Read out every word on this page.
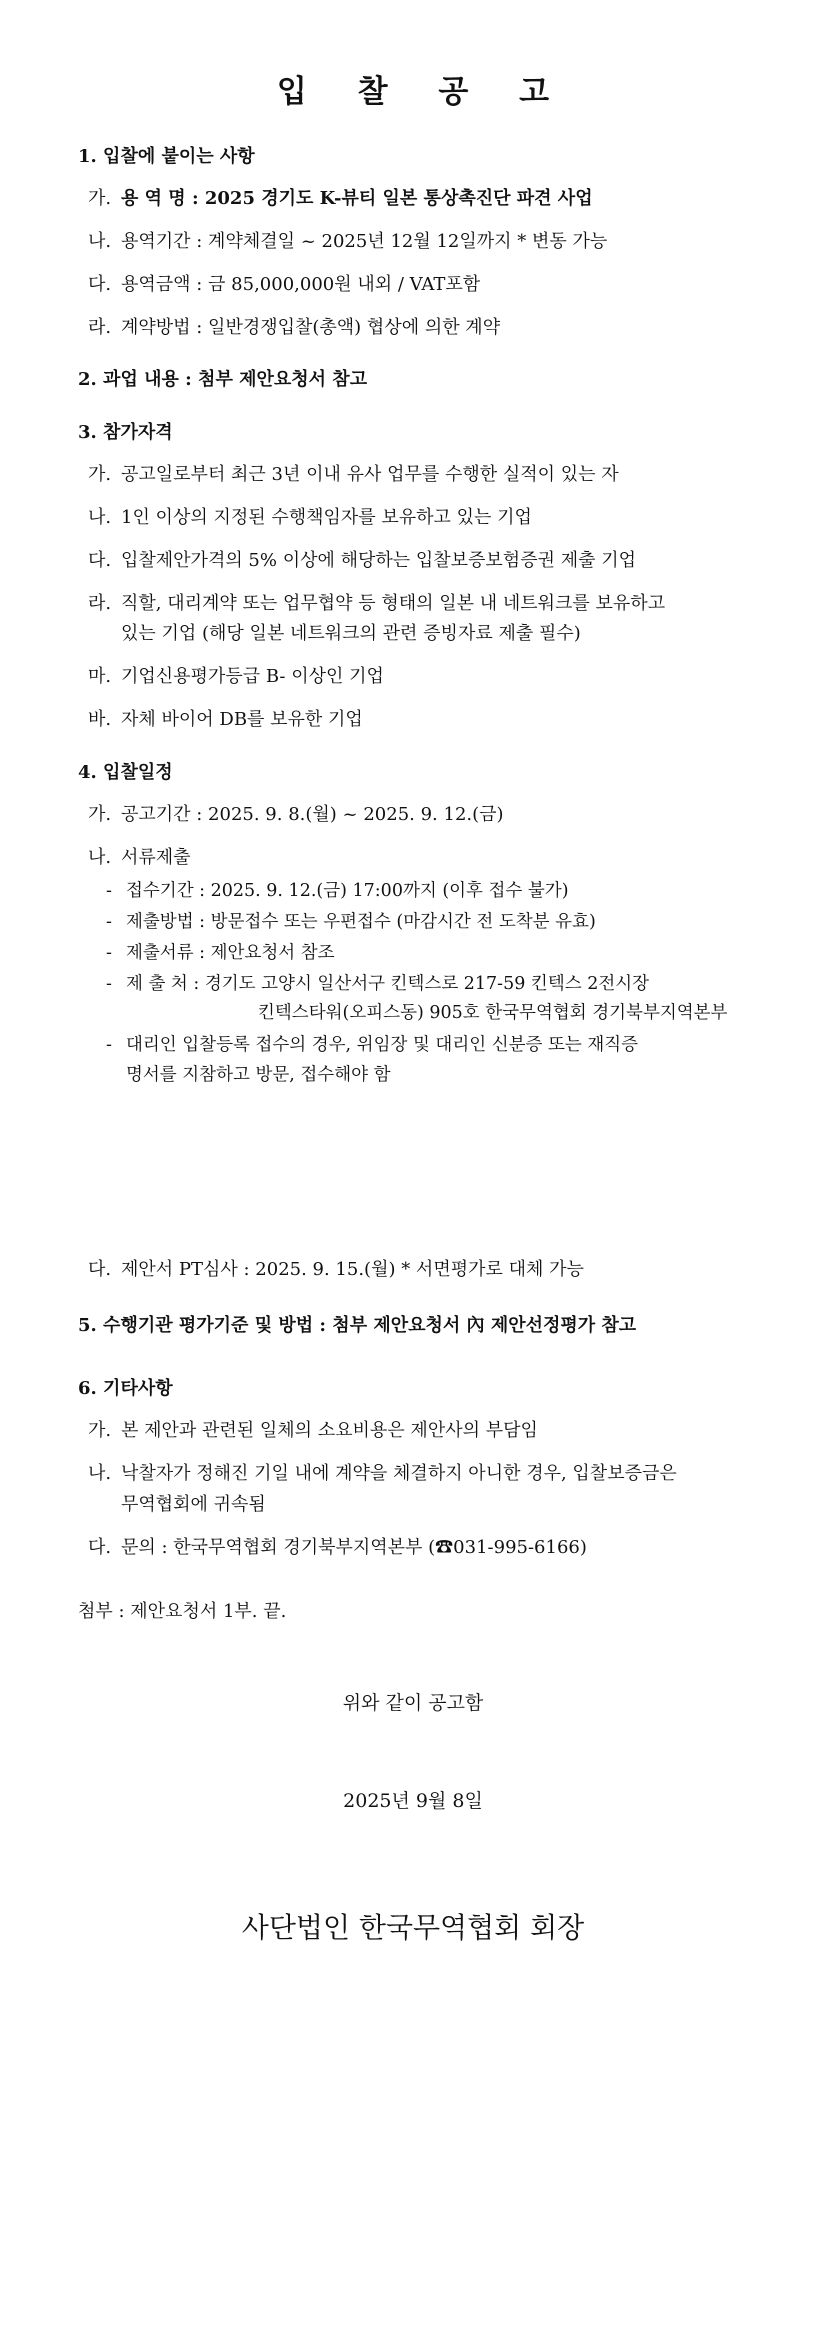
입 찰 공 고
1. 입찰에 붙이는 사항
가. 용 역 명 : 2025 경기도 K-뷰티 일본 통상촉진단 파견 사업
나. 용역기간 : 계약체결일 ~ 2025년 12월 12일까지 * 변동 가능
다. 용역금액 : 금 85,000,000원 내외 / VAT포함
라. 계약방법 : 일반경쟁입찰(총액) 협상에 의한 계약
2. 과업 내용 : 첨부 제안요청서 참고
3. 참가자격
가. 공고일로부터 최근 3년 이내 유사 업무를 수행한 실적이 있는 자
나. 1인 이상의 지정된 수행책임자를 보유하고 있는 기업
다. 입찰제안가격의 5% 이상에 해당하는 입찰보증보험증권 제출 기업
라. 직할, 대리계약 또는 업무협약 등 형태의 일본 내 네트워크를 보유하고
있는 기업 (해당 일본 네트워크의 관련 증빙자료 제출 필수)
마. 기업신용평가등급 B- 이상인 기업
바. 자체 바이어 DB를 보유한 기업
4. 입찰일정
가. 공고기간 : 2025. 9. 8.(월) ~ 2025. 9. 12.(금)
나. 서류제출
- 접수기간 : 2025. 9. 12.(금) 17:00까지 (이후 접수 불가)
- 제출방법 : 방문접수 또는 우편접수 (마감시간 전 도착분 유효)
- 제출서류 : 제안요청서 참조
- 제 출 처 : 경기도 고양시 일산서구 킨텍스로 217-59 킨텍스 2전시장
킨텍스타워(오피스동) 905호 한국무역협회 경기북부지역본부
- 대리인 입찰등록 접수의 경우, 위임장 및 대리인 신분증 또는 재직증
명서를 지참하고 방문, 접수해야 함
다. 제안서 PT심사 : 2025. 9. 15.(월) * 서면평가로 대체 가능
5. 수행기관 평가기준 및 방법 : 첨부 제안요청서 內 제안선정평가 참고
6. 기타사항
가. 본 제안과 관련된 일체의 소요비용은 제안사의 부담임
나. 낙찰자가 정해진 기일 내에 계약을 체결하지 아니한 경우, 입찰보증금은
무역협회에 귀속됨
다. 문의 : 한국무역협회 경기북부지역본부 (☎031-995-6166)
첨부 : 제안요청서 1부. 끝.
위와 같이 공고함
2025년 9월 8일
사단법인 한국무역협회 회장
